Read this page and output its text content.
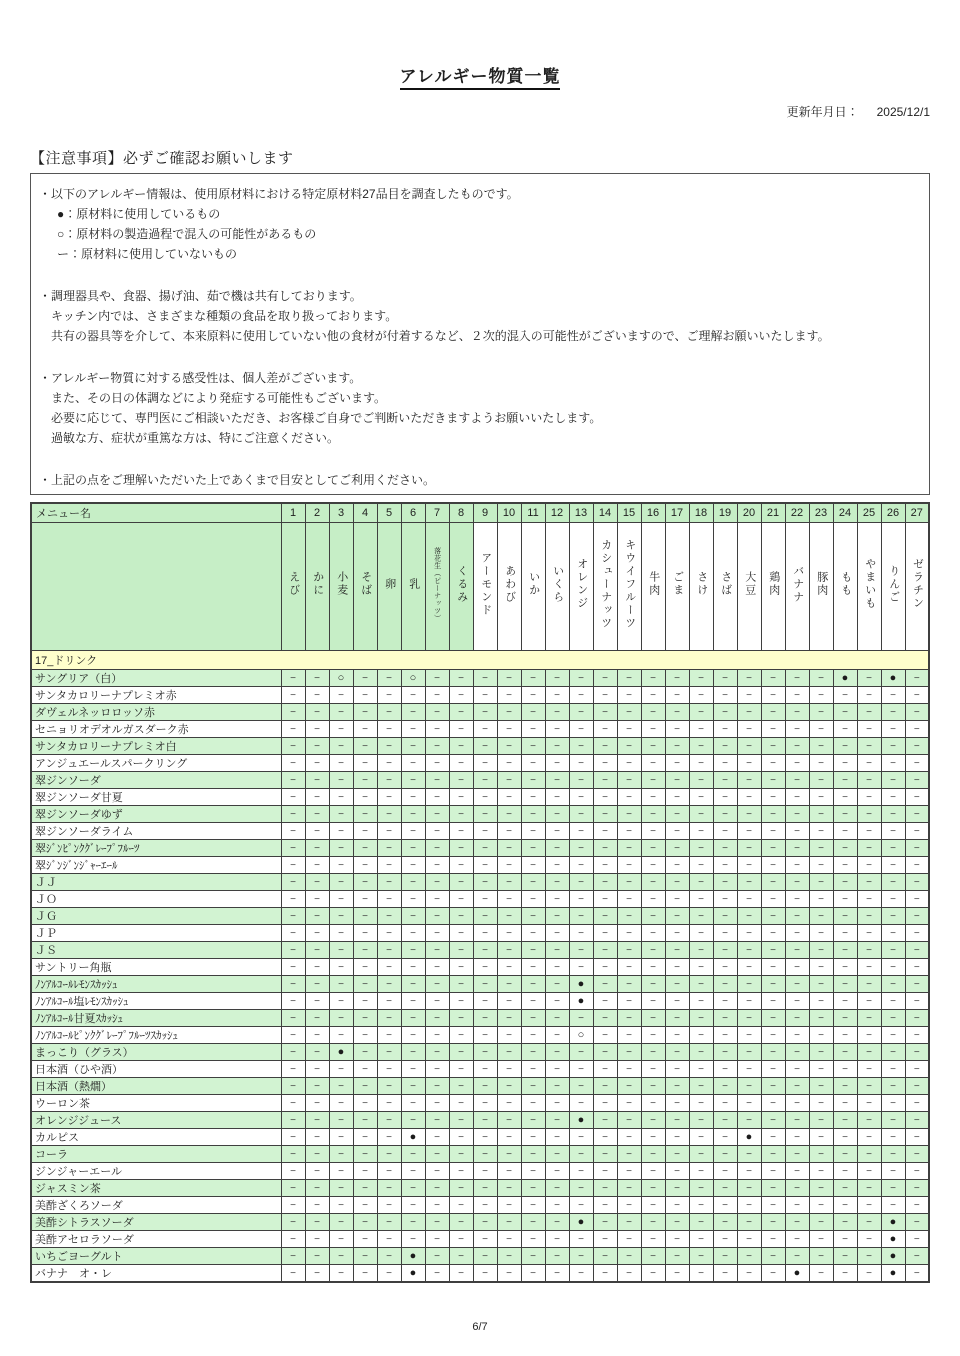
アレルギー物質一覧
更新年月日： 2025/12/1
【注意事項】必ずご確認お願いします
・以下のアレルギー情報は、使用原材料における特定原材料27品目を調査したものです。
●：原材料に使用しているもの
○：原材料の製造過程で混入の可能性があるもの
ー：原材料に使用していないもの
・調理器具や、食器、揚げ油、茹で機は共有しております。
キッチン内では、さまざまな種類の食品を取り扱っております。
共有の器具等を介して、本来原料に使用していない他の食材が付着するなど、２次的混入の可能性がございますので、ご理解お願いいたします。
・アレルギー物質に対する感受性は、個人差がございます。
また、その日の体調などにより発症する可能性もございます。
必要に応じて、専門医にご相談いただき、お客様ご自身でご判断いただきますようお願いいたします。
過敏な方、症状が重篤な方は、特にご注意ください。
・上記の点をご理解いただいた上であくまで目安としてご利用ください。
メニュー名	1	2	3	4	5	6	7	8	9	10	11	12	13	14	15	16	17	18	19	20	21	22	23	24	25	26	27
	えび	かに	小麦	そば	卵	乳	落花生（ピーナッツ）	くるみ	アーモンド	あわび	いか	いくら	オレンジ	カシューナッツ	キウイフルーツ	牛肉	ごま	さけ	さば	大豆	鶏肉	バナナ	豚肉	もも	やまいも	りんご	ゼラチン
17_ドリンク																											
サングリア（白）	−	−	○	−	−	○	−	−	−	−	−	−	−	−	−	−	−	−	−	−	−	−	−	●	−	●	−
サンタカロリーナプレミオ赤	−	−	−	−	−	−	−	−	−	−	−	−	−	−	−	−	−	−	−	−	−	−	−	−	−	−	−
ダヴェルネッロロッソ赤	−	−	−	−	−	−	−	−	−	−	−	−	−	−	−	−	−	−	−	−	−	−	−	−	−	−	−
セニョリオデオルガスダーク赤	−	−	−	−	−	−	−	−	−	−	−	−	−	−	−	−	−	−	−	−	−	−	−	−	−	−	−
サンタカロリーナプレミオ白	−	−	−	−	−	−	−	−	−	−	−	−	−	−	−	−	−	−	−	−	−	−	−	−	−	−	−
アンジュエールスパークリング	−	−	−	−	−	−	−	−	−	−	−	−	−	−	−	−	−	−	−	−	−	−	−	−	−	−	−
翠ジンソーダ	−	−	−	−	−	−	−	−	−	−	−	−	−	−	−	−	−	−	−	−	−	−	−	−	−	−	−
翠ジンソーダ甘夏	−	−	−	−	−	−	−	−	−	−	−	−	−	−	−	−	−	−	−	−	−	−	−	−	−	−	−
翠ジンソーダゆず	−	−	−	−	−	−	−	−	−	−	−	−	−	−	−	−	−	−	−	−	−	−	−	−	−	−	−
翠ジンソーダライム	−	−	−	−	−	−	−	−	−	−	−	−	−	−	−	−	−	−	−	−	−	−	−	−	−	−	−
翠ｼﾞﾝﾋﾟﾝｸｸﾞﾚｰﾌﾟﾌﾙｰﾂ	−	−	−	−	−	−	−	−	−	−	−	−	−	−	−	−	−	−	−	−	−	−	−	−	−	−	−
翠ｼﾞﾝｼﾞﾝｼﾞｬｰｴｰﾙ	−	−	−	−	−	−	−	−	−	−	−	−	−	−	−	−	−	−	−	−	−	−	−	−	−	−	−
ＪＪ	−	−	−	−	−	−	−	−	−	−	−	−	−	−	−	−	−	−	−	−	−	−	−	−	−	−	−
ＪＯ	−	−	−	−	−	−	−	−	−	−	−	−	−	−	−	−	−	−	−	−	−	−	−	−	−	−	−
ＪＧ	−	−	−	−	−	−	−	−	−	−	−	−	−	−	−	−	−	−	−	−	−	−	−	−	−	−	−
ＪＰ	−	−	−	−	−	−	−	−	−	−	−	−	−	−	−	−	−	−	−	−	−	−	−	−	−	−	−
ＪＳ	−	−	−	−	−	−	−	−	−	−	−	−	−	−	−	−	−	−	−	−	−	−	−	−	−	−	−
サントリー角瓶	−	−	−	−	−	−	−	−	−	−	−	−	−	−	−	−	−	−	−	−	−	−	−	−	−	−	−
ﾉﾝｱﾙｺｰﾙﾚﾓﾝｽｶｯｼｭ	−	−	−	−	−	−	−	−	−	−	−	−	●	−	−	−	−	−	−	−	−	−	−	−	−	−	−
ﾉﾝｱﾙｺｰﾙ塩ﾚﾓﾝｽｶｯｼｭ	−	−	−	−	−	−	−	−	−	−	−	−	●	−	−	−	−	−	−	−	−	−	−	−	−	−	−
ﾉﾝｱﾙｺｰﾙ甘夏ｽｶｯｼｭ	−	−	−	−	−	−	−	−	−	−	−	−	−	−	−	−	−	−	−	−	−	−	−	−	−	−	−
ﾉﾝｱﾙｺｰﾙﾋﾟﾝｸｸﾞﾚｰﾌﾟﾌﾙｰﾂｽｶｯｼｭ	−	−	−	−	−	−	−	−	−	−	−	−	○	−	−	−	−	−	−	−	−	−	−	−	−	−	−
まっこり（グラス）	−	−	●	−	−	−	−	−	−	−	−	−	−	−	−	−	−	−	−	−	−	−	−	−	−	−	−
日本酒（ひや酒）	−	−	−	−	−	−	−	−	−	−	−	−	−	−	−	−	−	−	−	−	−	−	−	−	−	−	−
日本酒（熱燗）	−	−	−	−	−	−	−	−	−	−	−	−	−	−	−	−	−	−	−	−	−	−	−	−	−	−	−
ウーロン茶	−	−	−	−	−	−	−	−	−	−	−	−	−	−	−	−	−	−	−	−	−	−	−	−	−	−	−
オレンジジュース	−	−	−	−	−	−	−	−	−	−	−	−	●	−	−	−	−	−	−	−	−	−	−	−	−	−	−
カルピス	−	−	−	−	−	●	−	−	−	−	−	−	−	−	−	−	−	−	−	●	−	−	−	−	−	−	−
コーラ	−	−	−	−	−	−	−	−	−	−	−	−	−	−	−	−	−	−	−	−	−	−	−	−	−	−	−
ジンジャーエール	−	−	−	−	−	−	−	−	−	−	−	−	−	−	−	−	−	−	−	−	−	−	−	−	−	−	−
ジャスミン茶	−	−	−	−	−	−	−	−	−	−	−	−	−	−	−	−	−	−	−	−	−	−	−	−	−	−	−
美酢ざくろソーダ	−	−	−	−	−	−	−	−	−	−	−	−	−	−	−	−	−	−	−	−	−	−	−	−	−	−	−
美酢シトラスソーダ	−	−	−	−	−	−	−	−	−	−	−	−	●	−	−	−	−	−	−	−	−	−	−	−	−	●	−
美酢アセロラソーダ	−	−	−	−	−	−	−	−	−	−	−	−	−	−	−	−	−	−	−	−	−	−	−	−	−	●	−
いちごヨーグルト	−	−	−	−	−	●	−	−	−	−	−	−	−	−	−	−	−	−	−	−	−	−	−	−	−	●	−
バナナ　オ・レ	−	−	−	−	−	●	−	−	−	−	−	−	−	−	−	−	−	−	−	−	−	●	−	−	−	●	−
6/7
